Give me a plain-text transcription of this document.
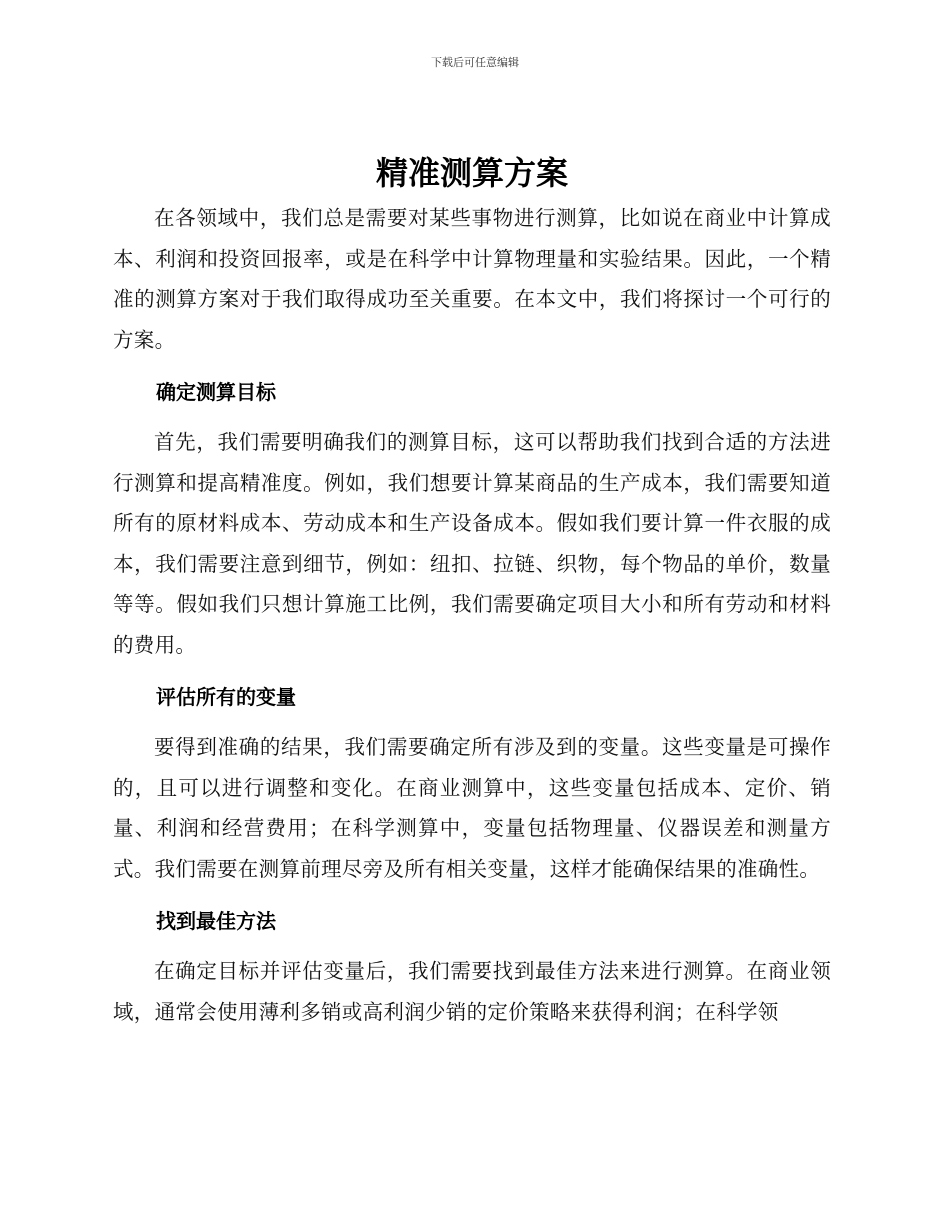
下载后可任意编辑
精准测算方案

在各领域中，我们总是需要对某些事物进行测算，比如说在商业中计算成本、利润和投资回报率，或是在科学中计算物理量和实验结果。因此，一个精准的测算方案对于我们取得成功至关重要。在本文中，我们将探讨一个可行的方案。

确定测算目标

首先，我们需要明确我们的测算目标，这可以帮助我们找到合适的方法进行测算和提高精准度。例如，我们想要计算某商品的生产成本，我们需要知道所有的原材料成本、劳动成本和生产设备成本。假如我们要计算一件衣服的成本，我们需要注意到细节，例如：纽扣、拉链、织物，每个物品的单价，数量等等。假如我们只想计算施工比例，我们需要确定项目大小和所有劳动和材料的费用。

评估所有的变量

要得到准确的结果，我们需要确定所有涉及到的变量。这些变量是可操作的，且可以进行调整和变化。在商业测算中，这些变量包括成本、定价、销量、利润和经营费用；在科学测算中，变量包括物理量、仪器误差和测量方式。我们需要在测算前理尽旁及所有相关变量，这样才能确保结果的准确性。

找到最佳方法

在确定目标并评估变量后，我们需要找到最佳方法来进行测算。在商业领域，通常会使用薄利多销或高利润少销的定价策略来获得利润；在科学领
